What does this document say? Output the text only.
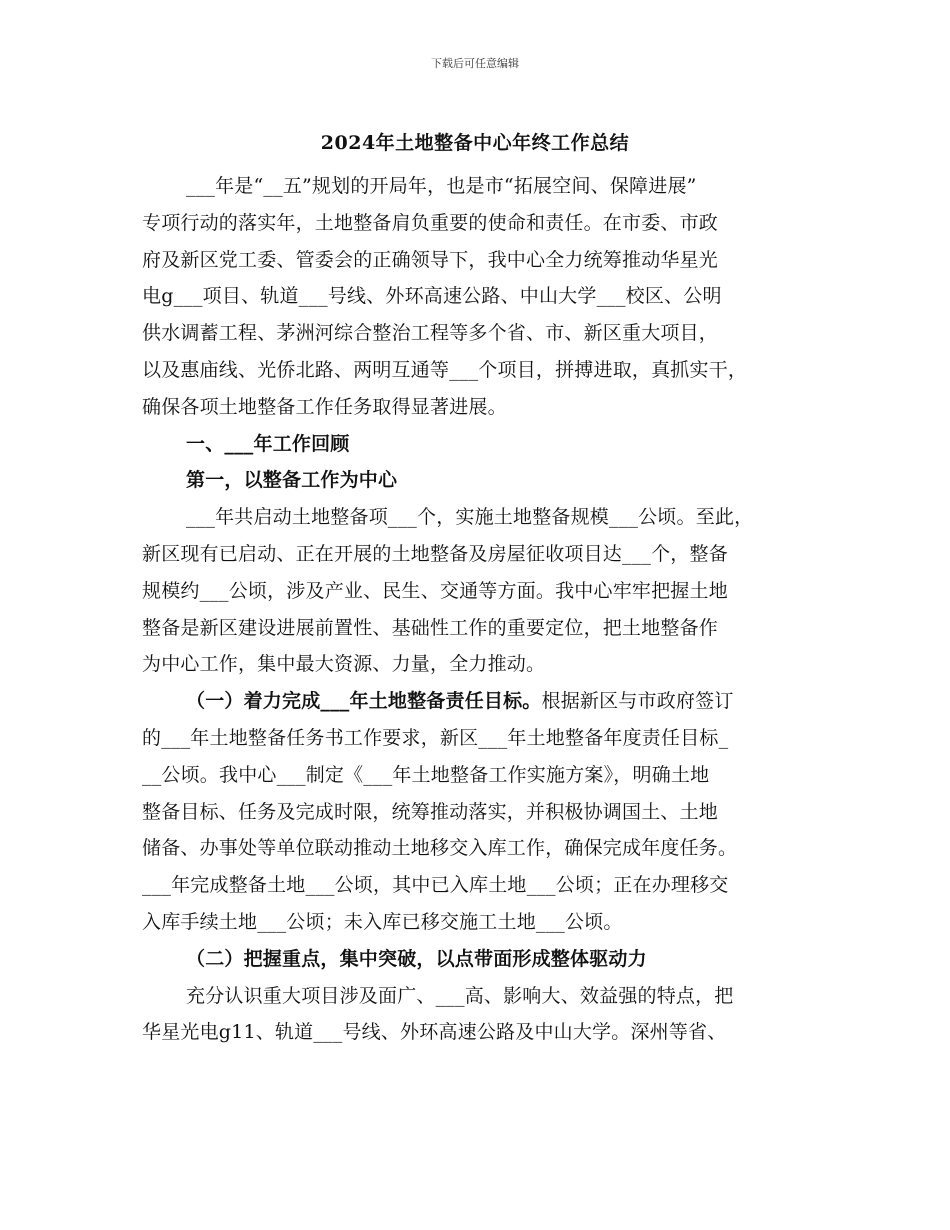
下载后可任意编辑
2024年土地整备中心年终工作总结
___年是“__五”规划的开局年，也是市“拓展空间、保障进展”
专项行动的落实年，土地整备肩负重要的使命和责任。在市委、市政
府及新区党工委、管委会的正确领导下，我中心全力统筹推动华星光
电g___项目、轨道___号线、外环高速公路、中山大学___校区、公明
供水调蓄工程、茅洲河综合整治工程等多个省、市、新区重大项目，
以及惠庙线、光侨北路、两明互通等___个项目，拼搏进取，真抓实干，
确保各项土地整备工作任务取得显著进展。
一、___年工作回顾
第一，以整备工作为中心
___年共启动土地整备项___个，实施土地整备规模___公顷。至此，
新区现有已启动、正在开展的土地整备及房屋征收项目达___个，整备
规模约___公顷，涉及产业、民生、交通等方面。我中心牢牢把握土地
整备是新区建设进展前置性、基础性工作的重要定位，把土地整备作
为中心工作，集中最大资源、力量，全力推动。
（一）着力完成___年土地整备责任目标。根据新区与市政府签订
的___年土地整备任务书工作要求，新区___年土地整备年度责任目标_
__公顷。我中心___制定《___年土地整备工作实施方案》，明确土地
整备目标、任务及完成时限，统筹推动落实，并积极协调国土、土地
储备、办事处等单位联动推动土地移交入库工作，确保完成年度任务。
___年完成整备土地___公顷，其中已入库土地___公顷；正在办理移交
入库手续土地___公顷；未入库已移交施工土地___公顷。
（二）把握重点，集中突破，以点带面形成整体驱动力
充分认识重大项目涉及面广、___高、影响大、效益强的特点，把
华星光电g11、轨道___号线、外环高速公路及中山大学。深州等省、
